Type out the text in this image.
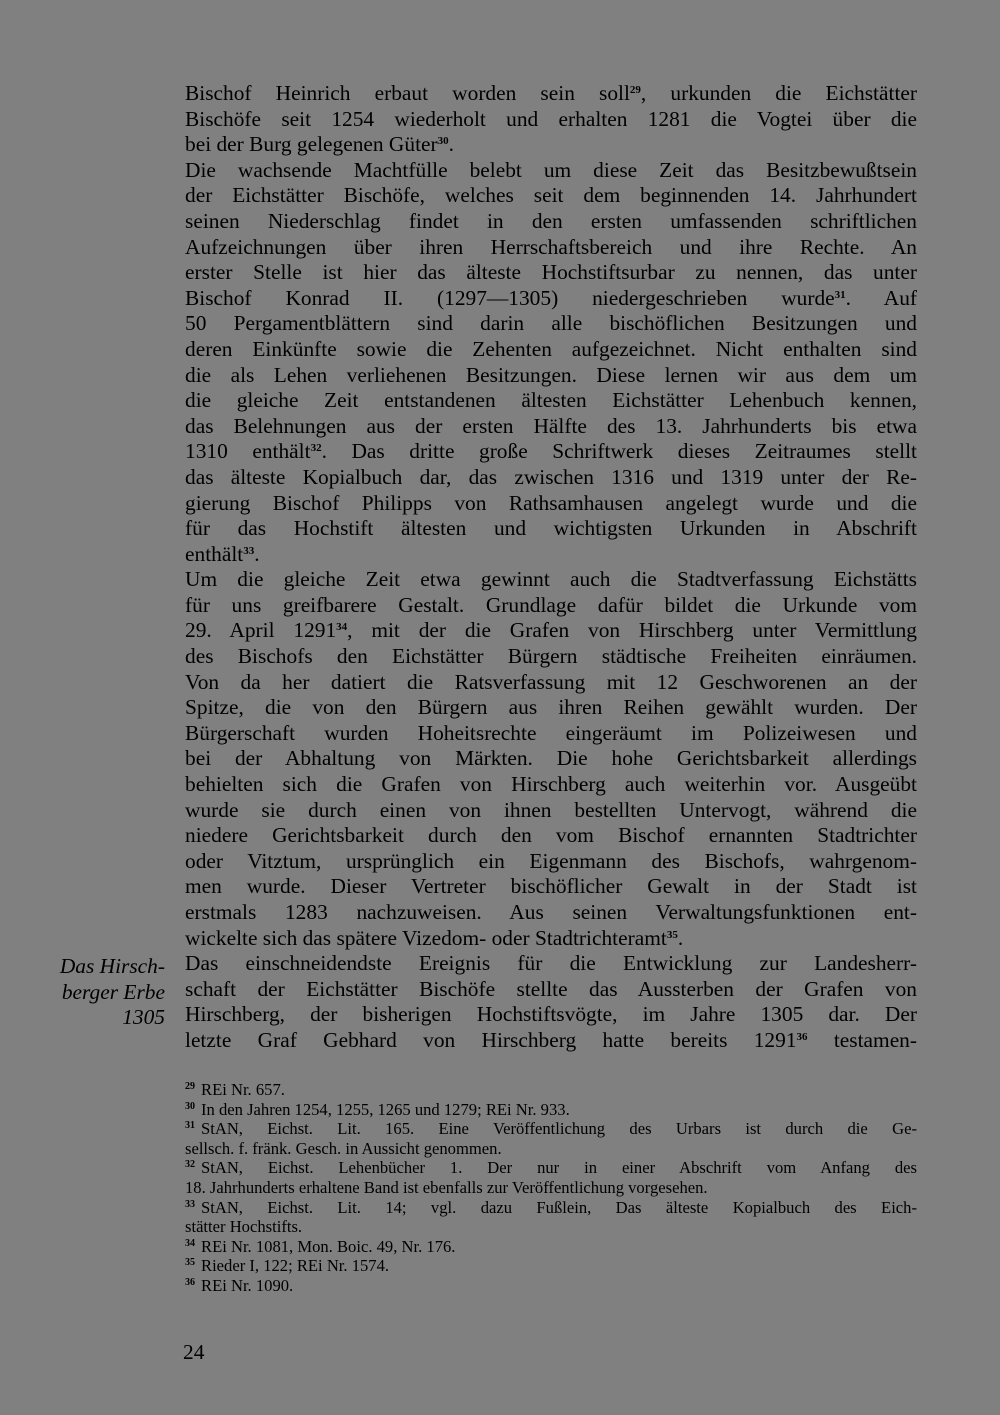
Bischof Heinrich erbaut worden sein soll$^{29}$, urkunden die Eichstätter
Bischöfe seit 1254 wiederholt und erhalten 1281 die Vogtei über die
bei der Burg gelegenen Güter$^{30}$.
Die wachsende Machtfülle belebt um diese Zeit das Besitzbewußtsein
der Eichstätter Bischöfe, welches seit dem beginnenden 14. Jahrhundert
seinen Niederschlag findet in den ersten umfassenden schriftlichen
Aufzeichnungen über ihren Herrschaftsbereich und ihre Rechte. An
erster Stelle ist hier das älteste Hochstiftsurbar zu nennen, das unter
Bischof Konrad II. (1297—1305) niedergeschrieben wurde$^{31}$. Auf
50 Pergamentblättern sind darin alle bischöflichen Besitzungen und
deren Einkünfte sowie die Zehenten aufgezeichnet. Nicht enthalten sind
die als Lehen verliehenen Besitzungen. Diese lernen wir aus dem um
die gleiche Zeit entstandenen ältesten Eichstätter Lehenbuch kennen,
das Belehnungen aus der ersten Hälfte des 13. Jahrhunderts bis etwa
1310 enthält$^{32}$. Das dritte große Schriftwerk dieses Zeitraumes stellt
das älteste Kopialbuch dar, das zwischen 1316 und 1319 unter der Re-
gierung Bischof Philipps von Rathsamhausen angelegt wurde und die
für das Hochstift ältesten und wichtigsten Urkunden in Abschrift
enthält$^{33}$.
Um die gleiche Zeit etwa gewinnt auch die Stadtverfassung Eichstätts
für uns greifbarere Gestalt. Grundlage dafür bildet die Urkunde vom
29. April 1291$^{34}$, mit der die Grafen von Hirschberg unter Vermittlung
des Bischofs den Eichstätter Bürgern städtische Freiheiten einräumen.
Von da her datiert die Ratsverfassung mit 12 Geschworenen an der
Spitze, die von den Bürgern aus ihren Reihen gewählt wurden. Der
Bürgerschaft wurden Hoheitsrechte eingeräumt im Polizeiwesen und
bei der Abhaltung von Märkten. Die hohe Gerichtsbarkeit allerdings
behielten sich die Grafen von Hirschberg auch weiterhin vor. Ausgeübt
wurde sie durch einen von ihnen bestellten Untervogt, während die
niedere Gerichtsbarkeit durch den vom Bischof ernannten Stadtrichter
oder Vitztum, ursprünglich ein Eigenmann des Bischofs, wahrgenom-
men wurde. Dieser Vertreter bischöflicher Gewalt in der Stadt ist
erstmals 1283 nachzuweisen. Aus seinen Verwaltungsfunktionen ent-
wickelte sich das spätere Vizedom- oder Stadtrichteramt$^{35}$.
Das einschneidendste Ereignis für die Entwicklung zur Landesherr-
schaft der Eichstätter Bischöfe stellte das Aussterben der Grafen von
Hirschberg, der bisherigen Hochstiftsvögte, im Jahre 1305 dar. Der
letzte Graf Gebhard von Hirschberg hatte bereits 1291$^{36}$ testamen-
Das Hirsch-
berger Erbe
1305
$^{29}$ REi Nr. 657.
$^{30}$ In den Jahren 1254, 1255, 1265 und 1279; REi Nr. 933.
$^{31}$ StAN, Eichst. Lit. 165. Eine Veröffentlichung des Urbars ist durch die Ge-
sellsch. f. fränk. Gesch. in Aussicht genommen.
$^{32}$ StAN, Eichst. Lehenbücher 1. Der nur in einer Abschrift vom Anfang des
18. Jahrhunderts erhaltene Band ist ebenfalls zur Veröffentlichung vorgesehen.
$^{33}$ StAN, Eichst. Lit. 14; vgl. dazu Fußlein, Das älteste Kopialbuch des Eich-
stätter Hochstifts.
$^{34}$ REi Nr. 1081, Mon. Boic. 49, Nr. 176.
$^{35}$ Rieder I, 122; REi Nr. 1574.
$^{36}$ REi Nr. 1090.
24
